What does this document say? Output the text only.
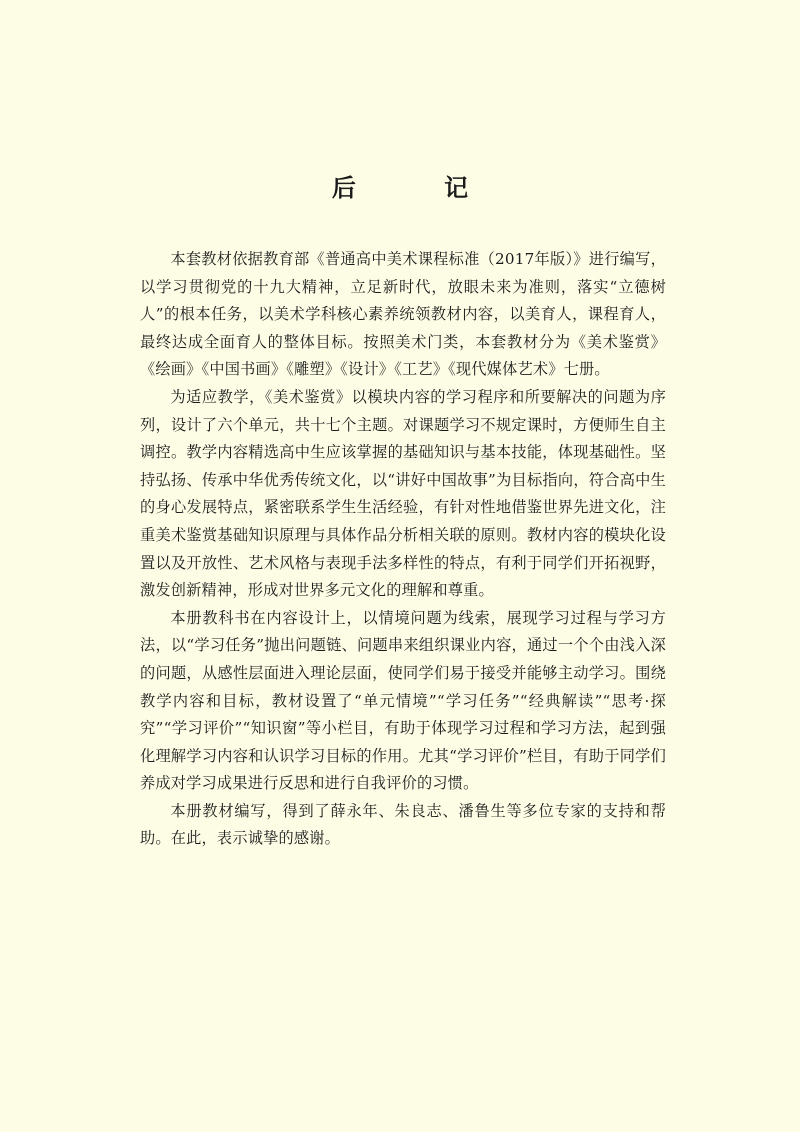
后 记

本套教材依据教育部《普通高中美术课程标准（2017年版）》进行编写，以学习贯彻党的十九大精神，立足新时代，放眼未来为准则，落实“立德树人”的根本任务，以美术学科核心素养统领教材内容，以美育人，课程育人，最终达成全面育人的整体目标。按照美术门类，本套教材分为《美术鉴赏》《绘画》《中国书画》《雕塑》《设计》《工艺》《现代媒体艺术》七册。

为适应教学，《美术鉴赏》以模块内容的学习程序和所要解决的问题为序列，设计了六个单元，共十七个主题。对课题学习不规定课时，方便师生自主调控。教学内容精选高中生应该掌握的基础知识与基本技能，体现基础性。坚持弘扬、传承中华优秀传统文化，以“讲好中国故事”为目标指向，符合高中生的身心发展特点，紧密联系学生生活经验，有针对性地借鉴世界先进文化，注重美术鉴赏基础知识原理与具体作品分析相关联的原则。教材内容的模块化设置以及开放性、艺术风格与表现手法多样性的特点，有利于同学们开拓视野，激发创新精神，形成对世界多元文化的理解和尊重。

本册教科书在内容设计上，以情境问题为线索，展现学习过程与学习方法，以“学习任务”抛出问题链、问题串来组织课业内容，通过一个个由浅入深的问题，从感性层面进入理论层面，使同学们易于接受并能够主动学习。围绕教学内容和目标，教材设置了“单元情境”“学习任务”“经典解读”“思考·探究”“学习评价”“知识窗”等小栏目，有助于体现学习过程和学习方法，起到强化理解学习内容和认识学习目标的作用。尤其“学习评价”栏目，有助于同学们养成对学习成果进行反思和进行自我评价的习惯。

本册教材编写，得到了薛永年、朱良志、潘鲁生等多位专家的支持和帮助。在此，表示诚挚的感谢。
